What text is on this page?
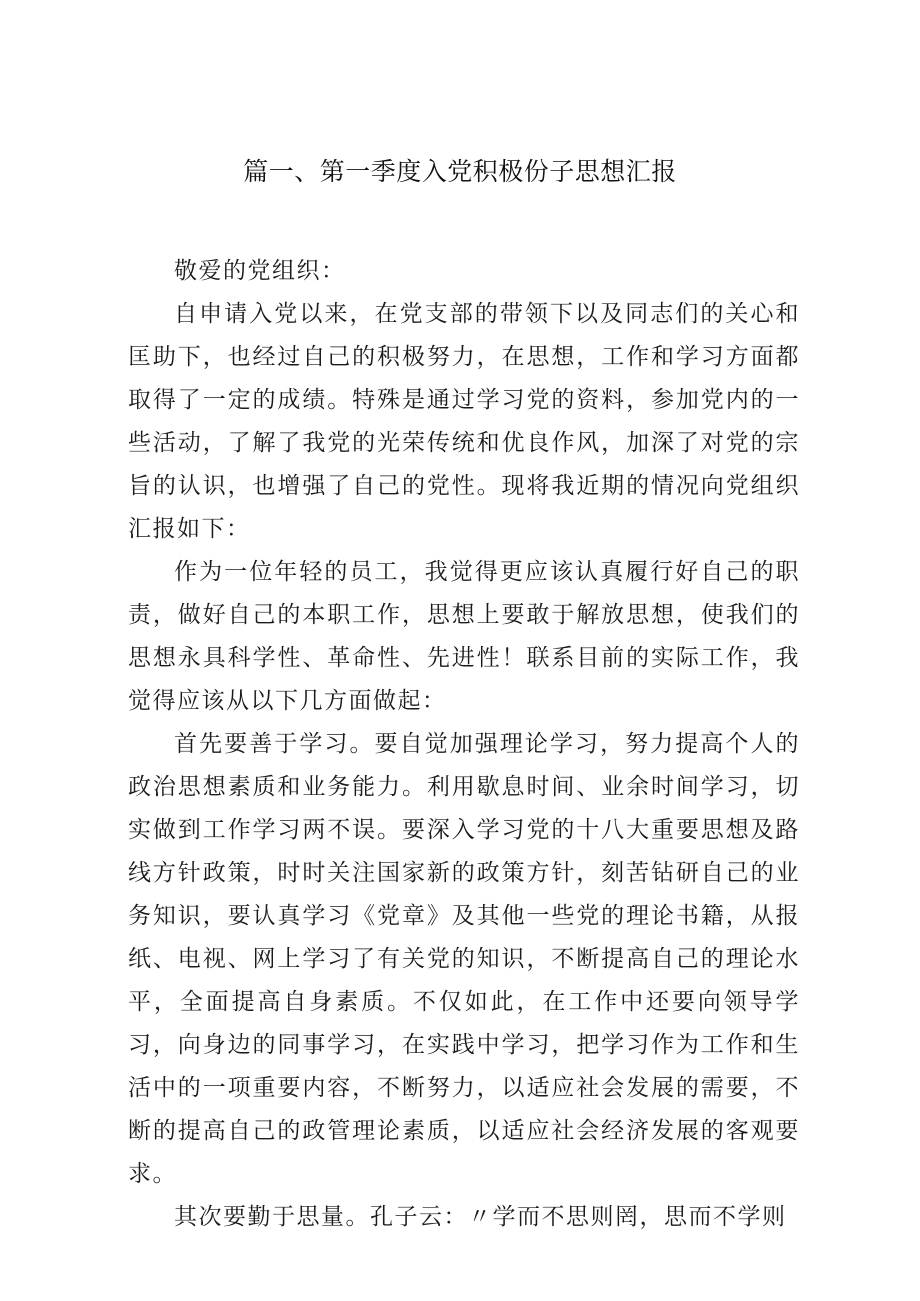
篇一、第一季度入党积极份子思想汇报

敬爱的党组织：

自申请入党以来，在党支部的带领下以及同志们的关心和匡助下，也经过自己的积极努力，在思想，工作和学习方面都取得了一定的成绩。特殊是通过学习党的资料，参加党内的一些活动，了解了我党的光荣传统和优良作风，加深了对党的宗旨的认识，也增强了自己的党性。现将我近期的情况向党组织汇报如下：

作为一位年轻的员工，我觉得更应该认真履行好自己的职责，做好自己的本职工作，思想上要敢于解放思想，使我们的思想永具科学性、革命性、先进性！联系目前的实际工作，我觉得应该从以下几方面做起：

首先要善于学习。要自觉加强理论学习，努力提高个人的政治思想素质和业务能力。利用歇息时间、业余时间学习，切实做到工作学习两不误。要深入学习党的十八大重要思想及路线方针政策，时时关注国家新的政策方针，刻苦钻研自己的业务知识，要认真学习《党章》及其他一些党的理论书籍，从报纸、电视、网上学习了有关党的知识，不断提高自己的理论水平，全面提高自身素质。不仅如此，在工作中还要向领导学习，向身边的同事学习，在实践中学习，把学习作为工作和生活中的一项重要内容，不断努力，以适应社会发展的需要，不断的提高自己的政管理论素质，以适应社会经济发展的客观要求。

其次要勤于思量。孔子云：〃学而不思则罔，思而不学则
